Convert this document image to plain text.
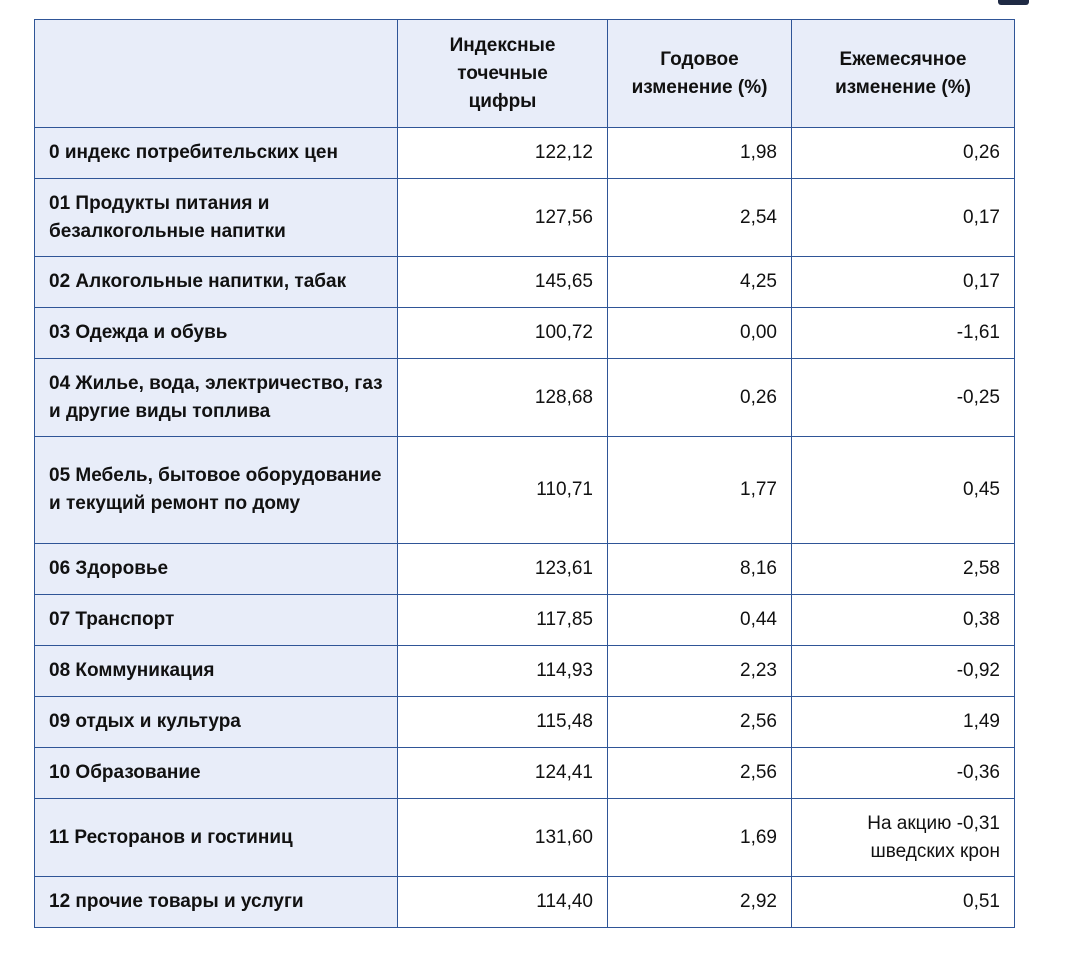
	Индексные точечные цифры	Годовое изменение (%)	Ежемесячное изменение (%)
0 индекс потребительских цен	122,12	1,98	0,26
01 Продукты питания и безалкогольные напитки	127,56	2,54	0,17
02 Алкогольные напитки, табак	145,65	4,25	0,17
03 Одежда и обувь	100,72	0,00	-1,61
04 Жилье, вода, электричество, газ и другие виды топлива	128,68	0,26	-0,25
05 Мебель, бытовое оборудование и текущий ремонт по дому	110,71	1,77	0,45
06 Здоровье	123,61	8,16	2,58
07 Транспорт	117,85	0,44	0,38
08 Коммуникация	114,93	2,23	-0,92
09 отдых и культура	115,48	2,56	1,49
10 Образование	124,41	2,56	-0,36
11 Ресторанов и гостиниц	131,60	1,69	На акцию -0,31 шведских крон
12 прочие товары и услуги	114,40	2,92	0,51
